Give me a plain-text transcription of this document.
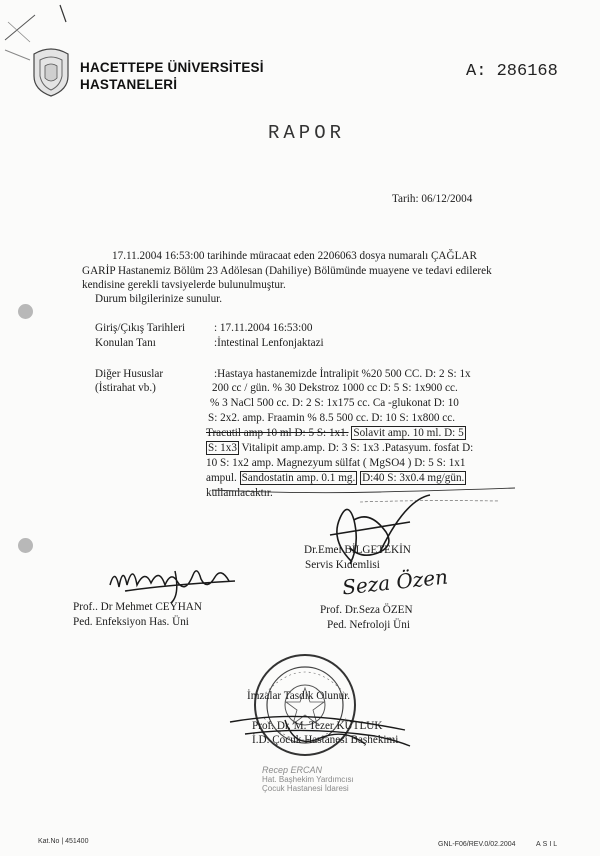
HACETTEPE ÜNİVERSİTESİ
HASTANELERİ
A: 286168
RAPOR
Tarih: 06/12/2004
17.11.2004 16:53:00 tarihinde müracaat eden 2206063 dosya numaralı ÇAĞLAR
GARİP Hastanemiz Bölüm 23 Adölesan (Dahiliye) Bölümünde muayene ve tedavi edilerek
kendisine gerekli tavsiyelerde bulunulmuştur.
Durum bilgilerinize sunulur.
Giriş/Çıkış Tarihleri	: 17.11.2004 16:53:00
Konulan Tanı	:İntestinal Lenfonjaktazi
Diğer Hususlar
(İstirahat vb.)
:Hastaya hastanemizde İntralipit %20 500 CC. D: 2 S: 1x
200 cc / gün. % 30 Dekstroz 1000 cc D: 5 S: 1x900 cc.
% 3 NaCl 500 cc. D: 2 S: 1x175 cc. Ca -glukonat D: 10
S: 2x2. amp. Fraamin % 8.5 500 cc. D: 10 S: 1x800 cc.
Tracutil amp 10 ml D: 5 S: 1x1. Solavit amp. 10 ml. D: 5
S: 1x3 Vitalipit amp.amp. D: 3 S: 1x3 .Patasyum. fosfat D:
10 S: 1x2 amp. Magnezyum sülfat ( MgSO4 ) D: 5 S: 1x1
ampul. Sandostatin amp. 0.1 mg. D:40 S: 3x0.4 mg/gün.
kullanılacaktır.
Dr.Emel BİLGETEKİN
Servis Kıdemlisi
Prof.. Dr Mehmet CEYHAN
Ped. Enfeksiyon Has. Üni
Seza Özen
Prof. Dr.Seza ÖZEN
Ped. Nefroloji Üni
İmzalar Tasdik Olunur.
Prof. Dr. M. Tezer KUTLUK
İ.D. Çocuk Hastanesi Başhekimi
Recep ERCAN
Hat. Başhekim Yardımcısı
Çocuk Hastanesi İdaresi
Kat.No | 451400	GNL-F06/REV.0/02.2004	ASIL
